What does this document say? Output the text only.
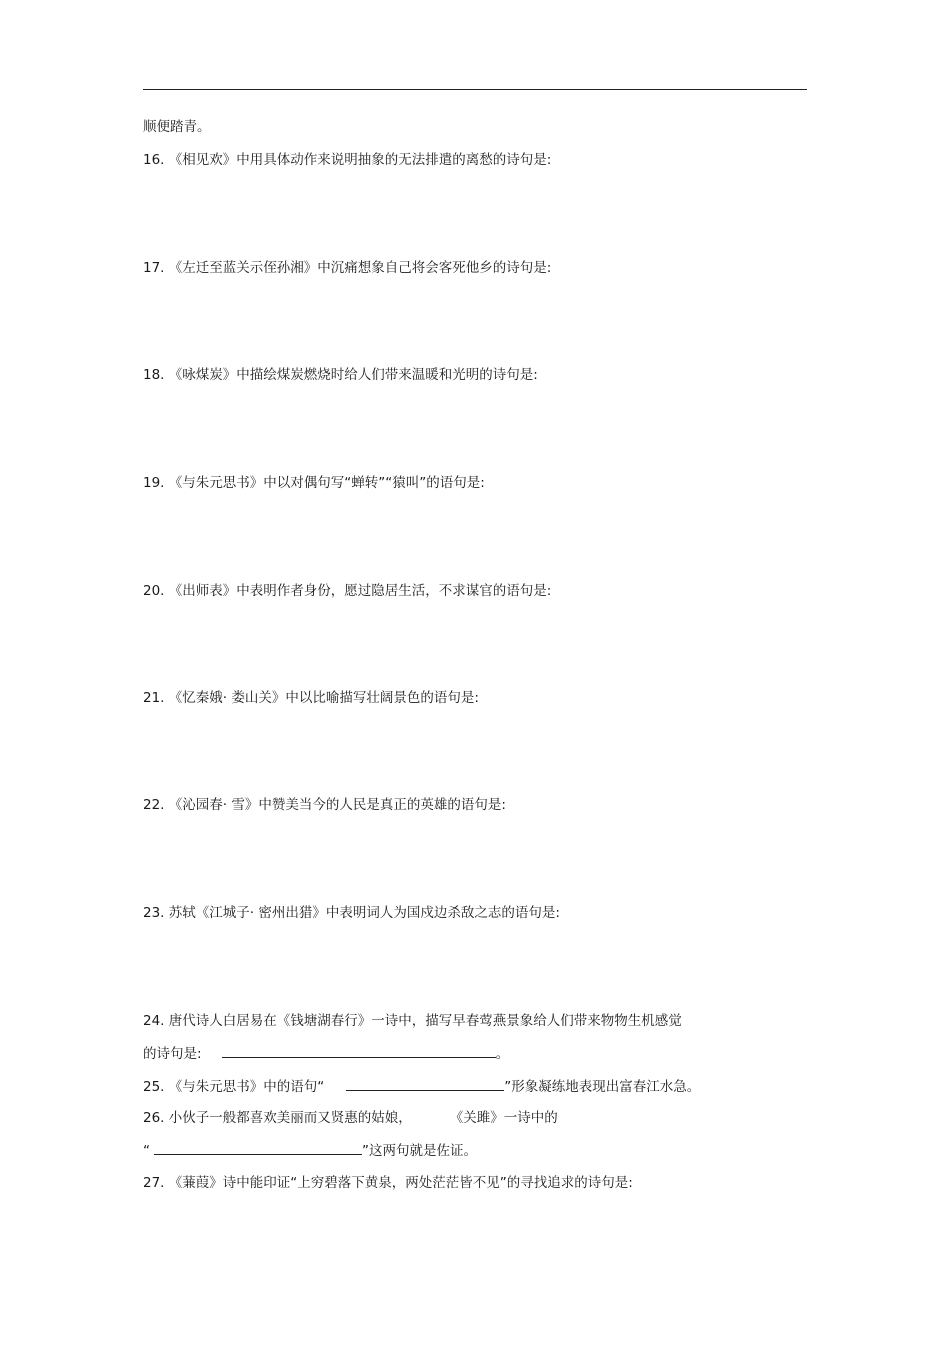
顺便踏青。
16. 《相见欢》中用具体动作来说明抽象的无法排遣的离愁的诗句是:
17. 《左迁至蓝关示侄孙湘》中沉痛想象自己将会客死他乡的诗句是:
18. 《咏煤炭》中描绘煤炭燃烧时给人们带来温暖和光明的诗句是:
19. 《与朱元思书》中以对偶句写“蝉转”“猿叫”的语句是:
20. 《出师表》中表明作者身份，愿过隐居生活，不求谋官的语句是:
21. 《忆秦娥· 娄山关》中以比喻描写壮阔景色的语句是:
22. 《沁园春· 雪》中赞美当今的人民是真正的英雄的语句是:
23. 苏轼《江城子· 密州出猎》中表明词人为国戍边杀敌之志的语句是:
24. 唐代诗人白居易在《钱塘湖春行》一诗中，描写早春莺燕景象给人们带来物物生机感觉
的诗句是:	。
25. 《与朱元思书》中的语句“	”形象凝练地表现出富春江水急。
26. 小伙子一般都喜欢美丽而又贤惠的姑娘，	《关雎》一诗中的
“	”这两句就是佐证。
27. 《蒹葭》诗中能印证“上穷碧落下黄泉，两处茫茫皆不见”的寻找追求的诗句是:
